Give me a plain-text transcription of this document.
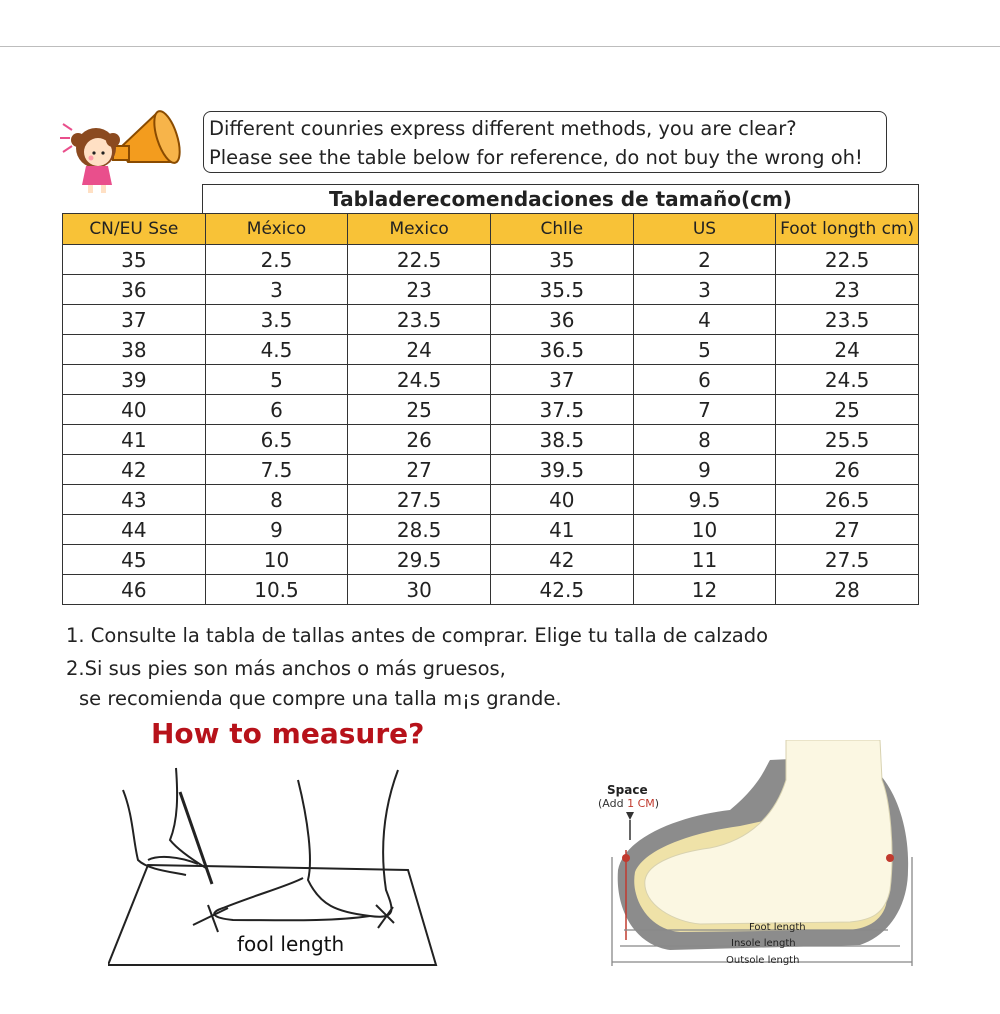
Different counries express different methods, you are clear?
Please see the table below for reference, do not buy the wrong oh!
Tabladerecomendaciones de tamaño(cm)
CN/EU Sse	México	Mexico	Chlle	US	Foot longth cm)
35	2.5	22.5	35	2	22.5
36	3	23	35.5	3	23
37	3.5	23.5	36	4	23.5
38	4.5	24	36.5	5	24
39	5	24.5	37	6	24.5
40	6	25	37.5	7	25
41	6.5	26	38.5	8	25.5
42	7.5	27	39.5	9	26
43	8	27.5	40	9.5	26.5
44	9	28.5	41	10	27
45	10	29.5	42	11	27.5
46	10.5	30	42.5	12	28
1. Consulte la tabla de tallas antes de comprar. Elige tu talla de calzado
2.Si sus pies son más anchos o más gruesos,
se recomienda que compre una talla m¡s grande.
How to measure?
fool length
Space
(Add 1 CM)
Foot length
Insole length
Outsole length
